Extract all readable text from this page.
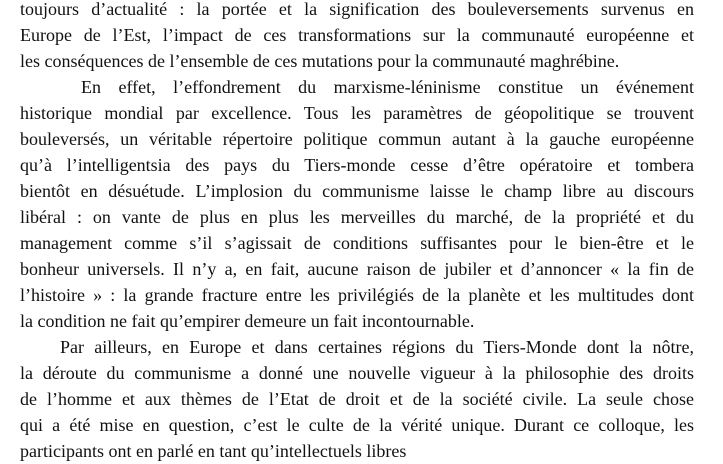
toujours d’actualité : la portée et la signification des bouleversements survenus en
Europe de l’Est, l’impact de ces transformations sur la communauté européenne et
les conséquences de l’ensemble de ces mutations pour la communauté maghrébine.
En effet, l’effondrement du marxisme-léninisme constitue un événement
historique mondial par excellence. Tous les paramètres de géopolitique se trouvent
bouleversés, un véritable répertoire politique commun autant à la gauche européenne
qu’à l’intelligentsia des pays du Tiers-monde cesse d’être opératoire et tombera
bientôt en désuétude. L’implosion du communisme laisse le champ libre au discours
libéral : on vante de plus en plus les merveilles du marché, de la propriété et du
management comme s’il s’agissait de conditions suffisantes pour le bien-être et le
bonheur universels. Il n’y a, en fait, aucune raison de jubiler et d’annoncer « la fin de
l’histoire » : la grande fracture entre les privilégiés de la planète et les multitudes dont
la condition ne fait qu’empirer demeure un fait incontournable.
Par ailleurs, en Europe et dans certaines régions du Tiers-Monde dont la nôtre,
la déroute du communisme a donné une nouvelle vigueur à la philosophie des droits
de l’homme et aux thèmes de l’Etat de droit et de la société civile. La seule chose
qui a été mise en question, c’est le culte de la vérité unique. Durant ce colloque, les
participants ont en parlé en tant qu’intellectuels libres
